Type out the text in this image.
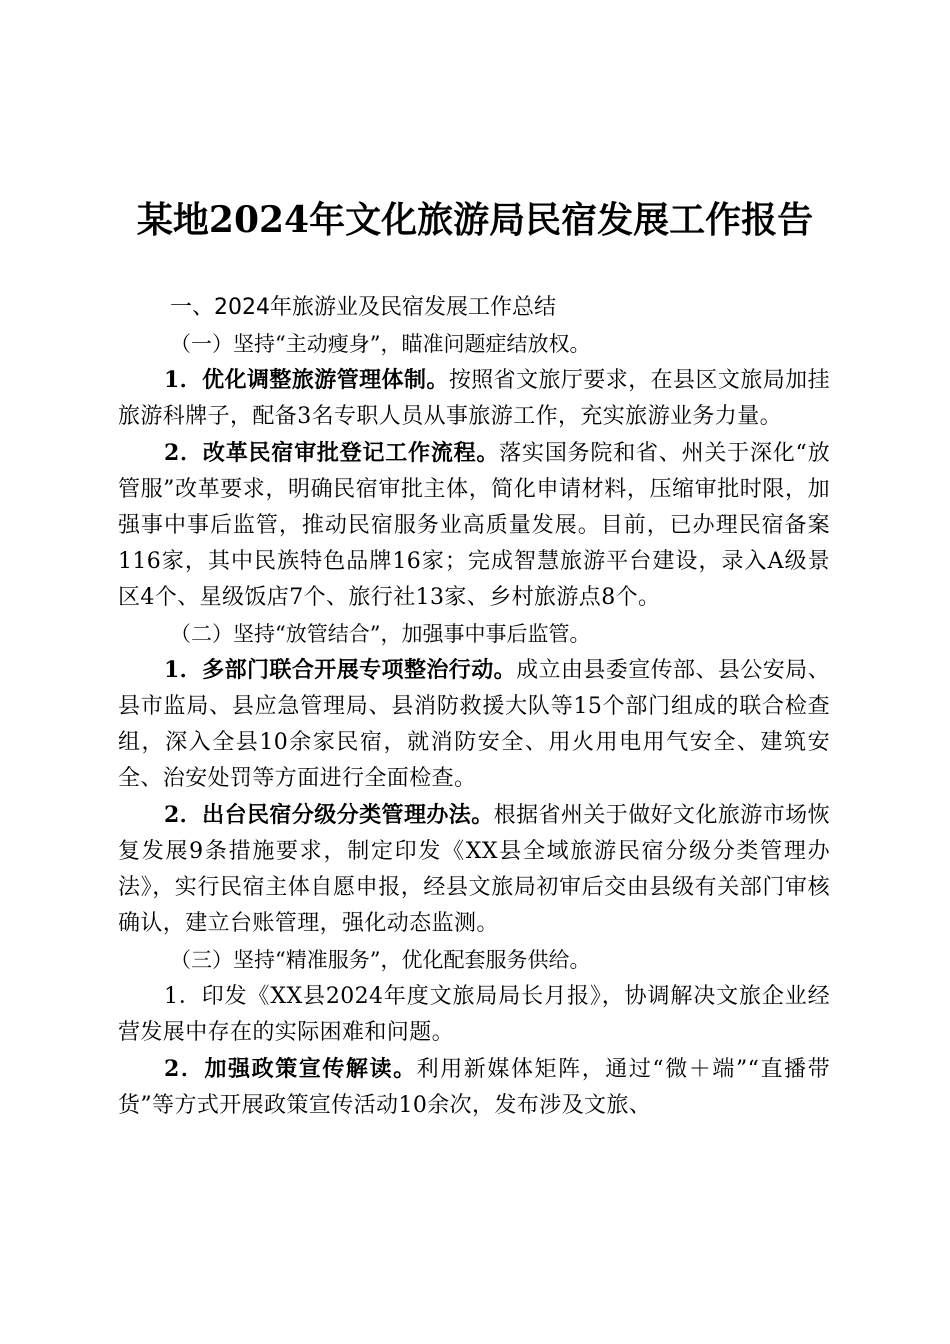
某地2024年文化旅游局民宿发展工作报告
一、2024年旅游业及民宿发展工作总结
（一）坚持“主动瘦身”，瞄准问题症结放权。

1．优化调整旅游管理体制。按照省文旅厅要求，在县区文旅局加挂旅游科牌子，配备3名专职人员从事旅游工作，充实旅游业务力量。

2．改革民宿审批登记工作流程。落实国务院和省、州关于深化“放管服”改革要求，明确民宿审批主体，简化申请材料，压缩审批时限，加强事中事后监管，推动民宿服务业高质量发展。目前，已办理民宿备案116家，其中民族特色品牌16家；完成智慧旅游平台建设，录入A级景区4个、星级饭店7个、旅行社13家、乡村旅游点8个。

（二）坚持“放管结合”，加强事中事后监管。

1．多部门联合开展专项整治行动。成立由县委宣传部、县公安局、县市监局、县应急管理局、县消防救援大队等15个部门组成的联合检查组，深入全县10余家民宿，就消防安全、用火用电用气安全、建筑安全、治安处罚等方面进行全面检查。

2．出台民宿分级分类管理办法。根据省州关于做好文化旅游市场恢复发展9条措施要求，制定印发《XX县全域旅游民宿分级分类管理办法》，实行民宿主体自愿申报，经县文旅局初审后交由县级有关部门审核确认，建立台账管理，强化动态监测。

（三）坚持“精准服务”，优化配套服务供给。

1．印发《XX县2024年度文旅局局长月报》，协调解决文旅企业经营发展中存在的实际困难和问题。

2．加强政策宣传解读。利用新媒体矩阵，通过“微＋端”“直播带货”等方式开展政策宣传活动10余次，发布涉及文旅、
